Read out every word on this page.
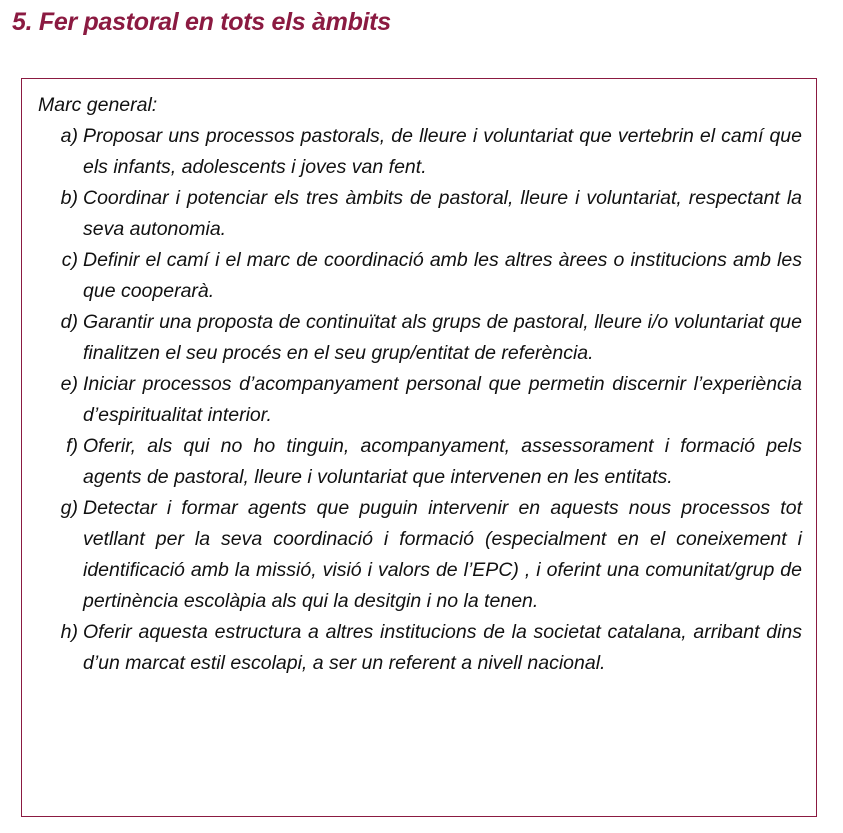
5. Fer pastoral en tots els àmbits
Marc general:
a) Proposar uns processos pastorals, de lleure i voluntariat que vertebrin el camí que els infants, adolescents i joves van fent.
b) Coordinar i potenciar els tres àmbits de pastoral, lleure i voluntariat, respectant la seva autonomia.
c) Definir el camí i el marc de coordinació amb les altres àrees o institucions amb les que cooperarà.
d) Garantir una proposta de continuïtat als grups de pastoral, lleure i/o voluntariat que finalitzen el seu procés en el seu grup/entitat de referència.
e) Iniciar processos d’acompanyament personal que permetin discernir l’experiència d’espiritualitat interior.
f) Oferir, als qui no ho tinguin, acompanyament, assessorament i formació pels agents de pastoral, lleure i voluntariat que intervenen en les entitats.
g) Detectar i formar agents que puguin intervenir en aquests nous processos tot vetllant per la seva coordinació i formació (especialment en el coneixement i identificació amb la missió, visió i valors de l’EPC) , i oferint una comunitat/grup de pertinència escolàpia als qui la desitgin i no la tenen.
h) Oferir aquesta estructura a altres institucions de la societat catalana, arribant dins d’un marcat estil escolapi, a ser un referent a nivell nacional.
